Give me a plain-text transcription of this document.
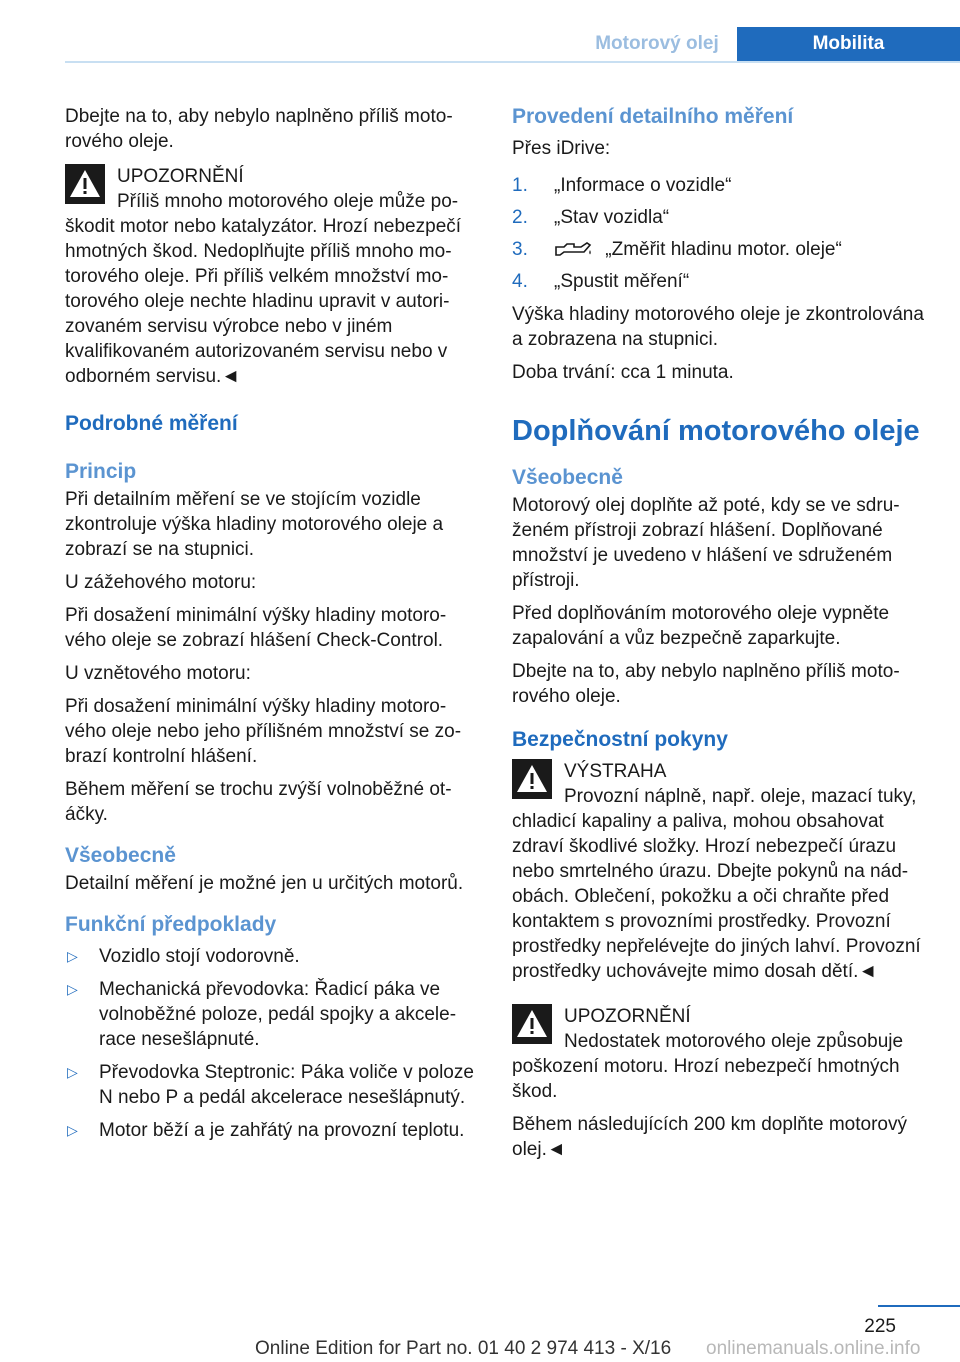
Motorový olej	Mobilita

Dbejte na to, aby nebylo naplněno příliš motorového oleje.

UPOZORNĚNÍ
Příliš mnoho motorového oleje může poškodit motor nebo katalyzátor. Hrozí nebezpečí hmotných škod. Nedoplňujte příliš mnoho motorového oleje. Při příliš velkém množství motorového oleje nechte hladinu upravit v autorizovaném servisu výrobce nebo v jiném kvalifikovaném autorizovaném servisu nebo v odborném servisu.◄
Podrobné měření
Princip

Při detailním měření se ve stojícím vozidle zkontroluje výška hladiny motorového oleje a zobrazí se na stupnici.

U zážehového motoru:

Při dosažení minimální výšky hladiny motorového oleje se zobrazí hlášení Check-Control.

U vznětového motoru:

Při dosažení minimální výšky hladiny motorového oleje nebo jeho přílišném množství se zobrazí kontrolní hlášení.

Během měření se trochu zvýší volnoběžné otáčky.

Všeobecně

Detailní měření je možné jen u určitých motorů.

Funkční předpoklady
▷ Vozidlo stojí vodorovně.
▷ Mechanická převodovka: Řadicí páka ve volnoběžné poloze, pedál spojky a akcelerace nesešlápnuté.
▷ Převodovka Steptronic: Páka voliče v poloze N nebo P a pedál akcelerace nesešlápnutý.
▷ Motor běží a je zahřátý na provozní teplotu.
Provedení detailního měření

Přes iDrive:

1. „Informace o vozidle“
2. „Stav vozidla“
3.	„Změřit hladinu motor. oleje“
4. „Spustit měření“

Výška hladiny motorového oleje je zkontrolována a zobrazena na stupnici.

Doba trvání: cca 1 minuta.

Doplňování motorového oleje
Všeobecně

Motorový olej doplňte až poté, kdy se ve sdruženém přístroji zobrazí hlášení. Doplňované množství je uvedeno v hlášení ve sdruženém přístroji.

Před doplňováním motorového oleje vypněte zapalování a vůz bezpečně zaparkujte.

Dbejte na to, aby nebylo naplněno příliš motorového oleje.

Bezpečnostní pokyny
VÝSTRAHA
Provozní náplně, např. oleje, mazací tuky, chladicí kapaliny a paliva, mohou obsahovat zdraví škodlivé složky. Hrozí nebezpečí úrazu nebo smrtelného úrazu. Dbejte pokynů na nádobách. Oblečení, pokožku a oči chraňte před kontaktem s provozními prostředky. Provozní prostředky nepřelévejte do jiných lahví. Provozní prostředky uchovávejte mimo dosah dětí.◄
UPOZORNĚNÍ
Nedostatek motorového oleje způsobuje poškození motoru. Hrozí nebezpečí hmotných škod.

Během následujících 200 km doplňte motorový olej.◄

225
Online Edition for Part no. 01 40 2 974 413 - X/16 onlinemanuals.online.info
